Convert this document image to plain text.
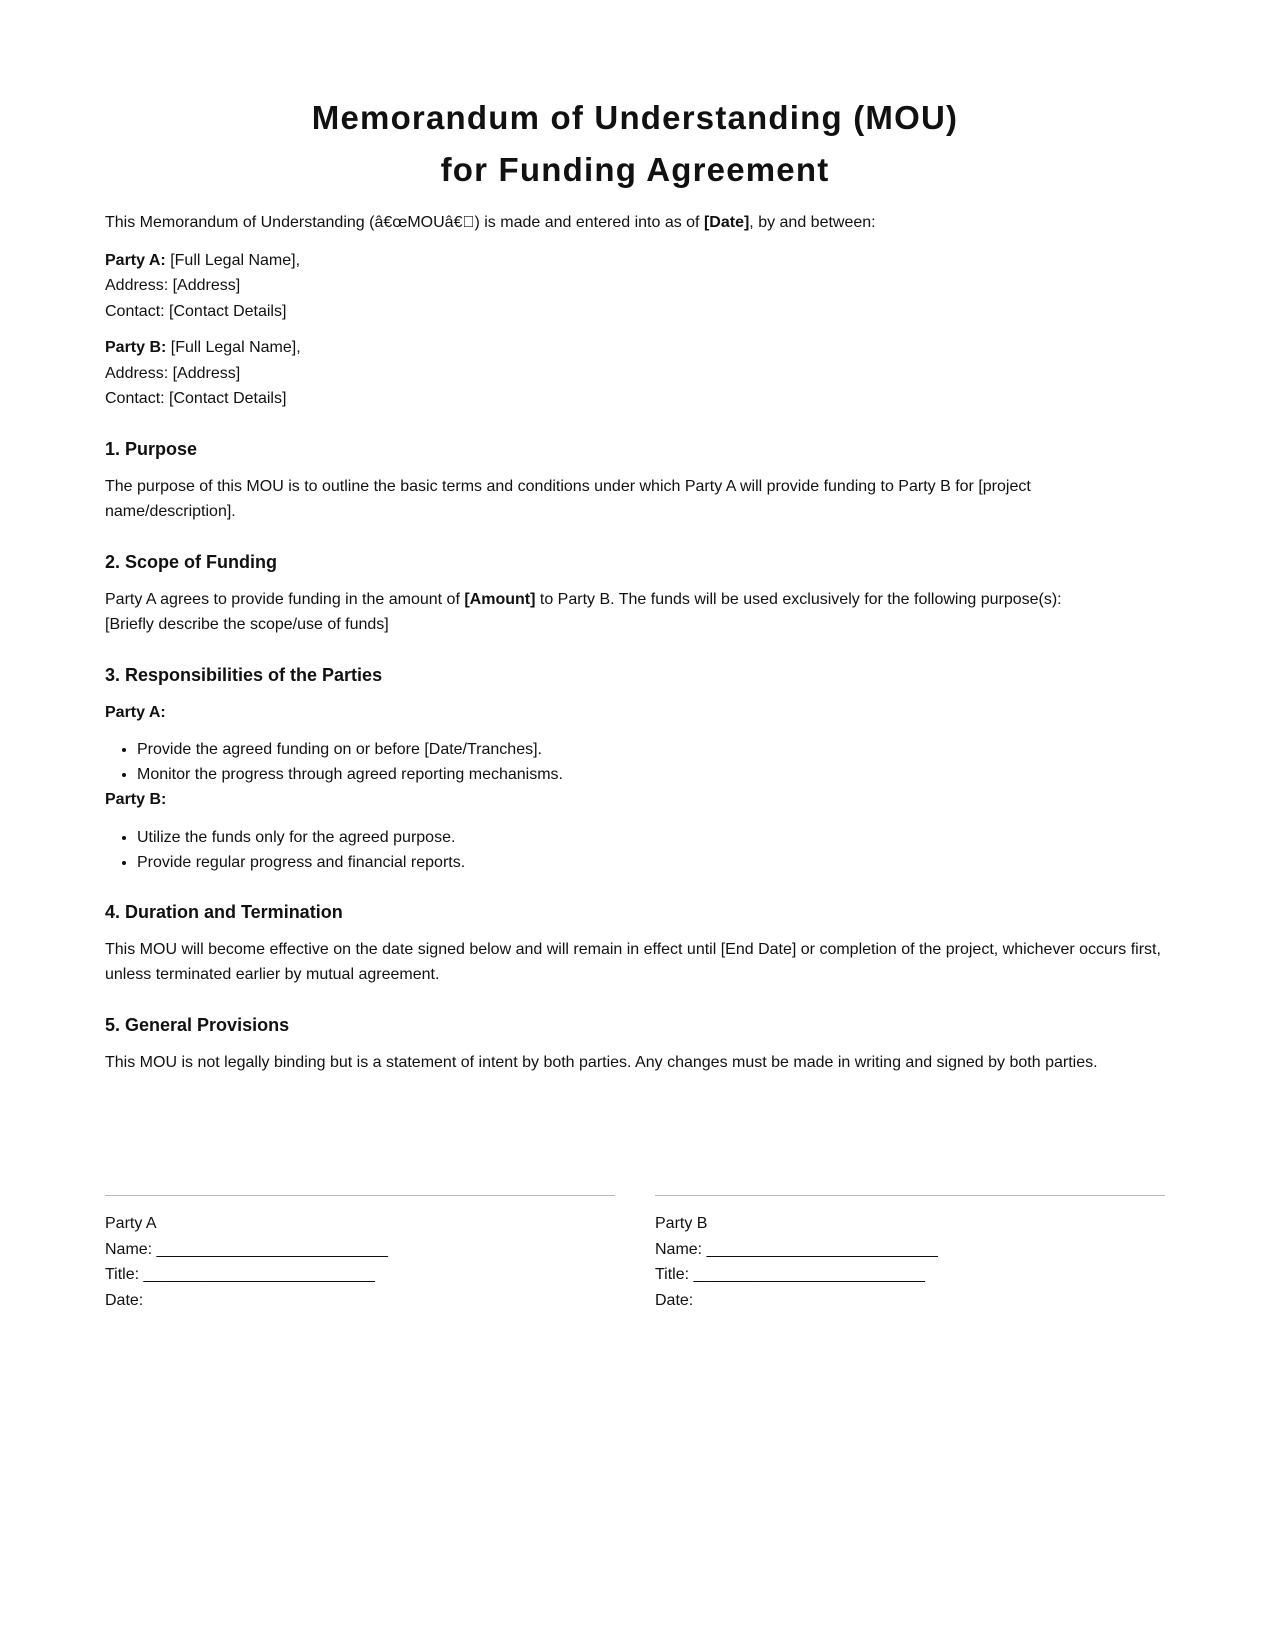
Memorandum of Understanding (MOU)
for Funding Agreement

This Memorandum of Understanding (â€œMOUâ€ ) is made and entered into as of [Date], by and between:

Party A: [Full Legal Name],
Address: [Address]
Contact: [Contact Details]
Party B: [Full Legal Name],
Address: [Address]
Contact: [Contact Details]
1. Purpose

The purpose of this MOU is to outline the basic terms and conditions under which Party A will provide funding to Party B for [project name/description].

2. Scope of Funding

Party A agrees to provide funding in the amount of [Amount] to Party B. The funds will be used exclusively for the following purpose(s):
[Briefly describe the scope/use of funds]

3. Responsibilities of the Parties

Party A:

• Provide the agreed funding on or before [Date/Tranches].
• Monitor the progress through agreed reporting mechanisms.

Party B:

• Utilize the funds only for the agreed purpose.
• Provide regular progress and financial reports.
4. Duration and Termination

This MOU will become effective on the date signed below and will remain in effect until [End Date] or completion of the project, whichever occurs first, unless terminated earlier by mutual agreement.

5. General Provisions

This MOU is not legally binding but is a statement of intent by both parties. Any changes must be made in writing and signed by both parties.

Party A
Name: __________________________
Title: __________________________
Date:
Party B
Name: __________________________
Title: __________________________
Date:
